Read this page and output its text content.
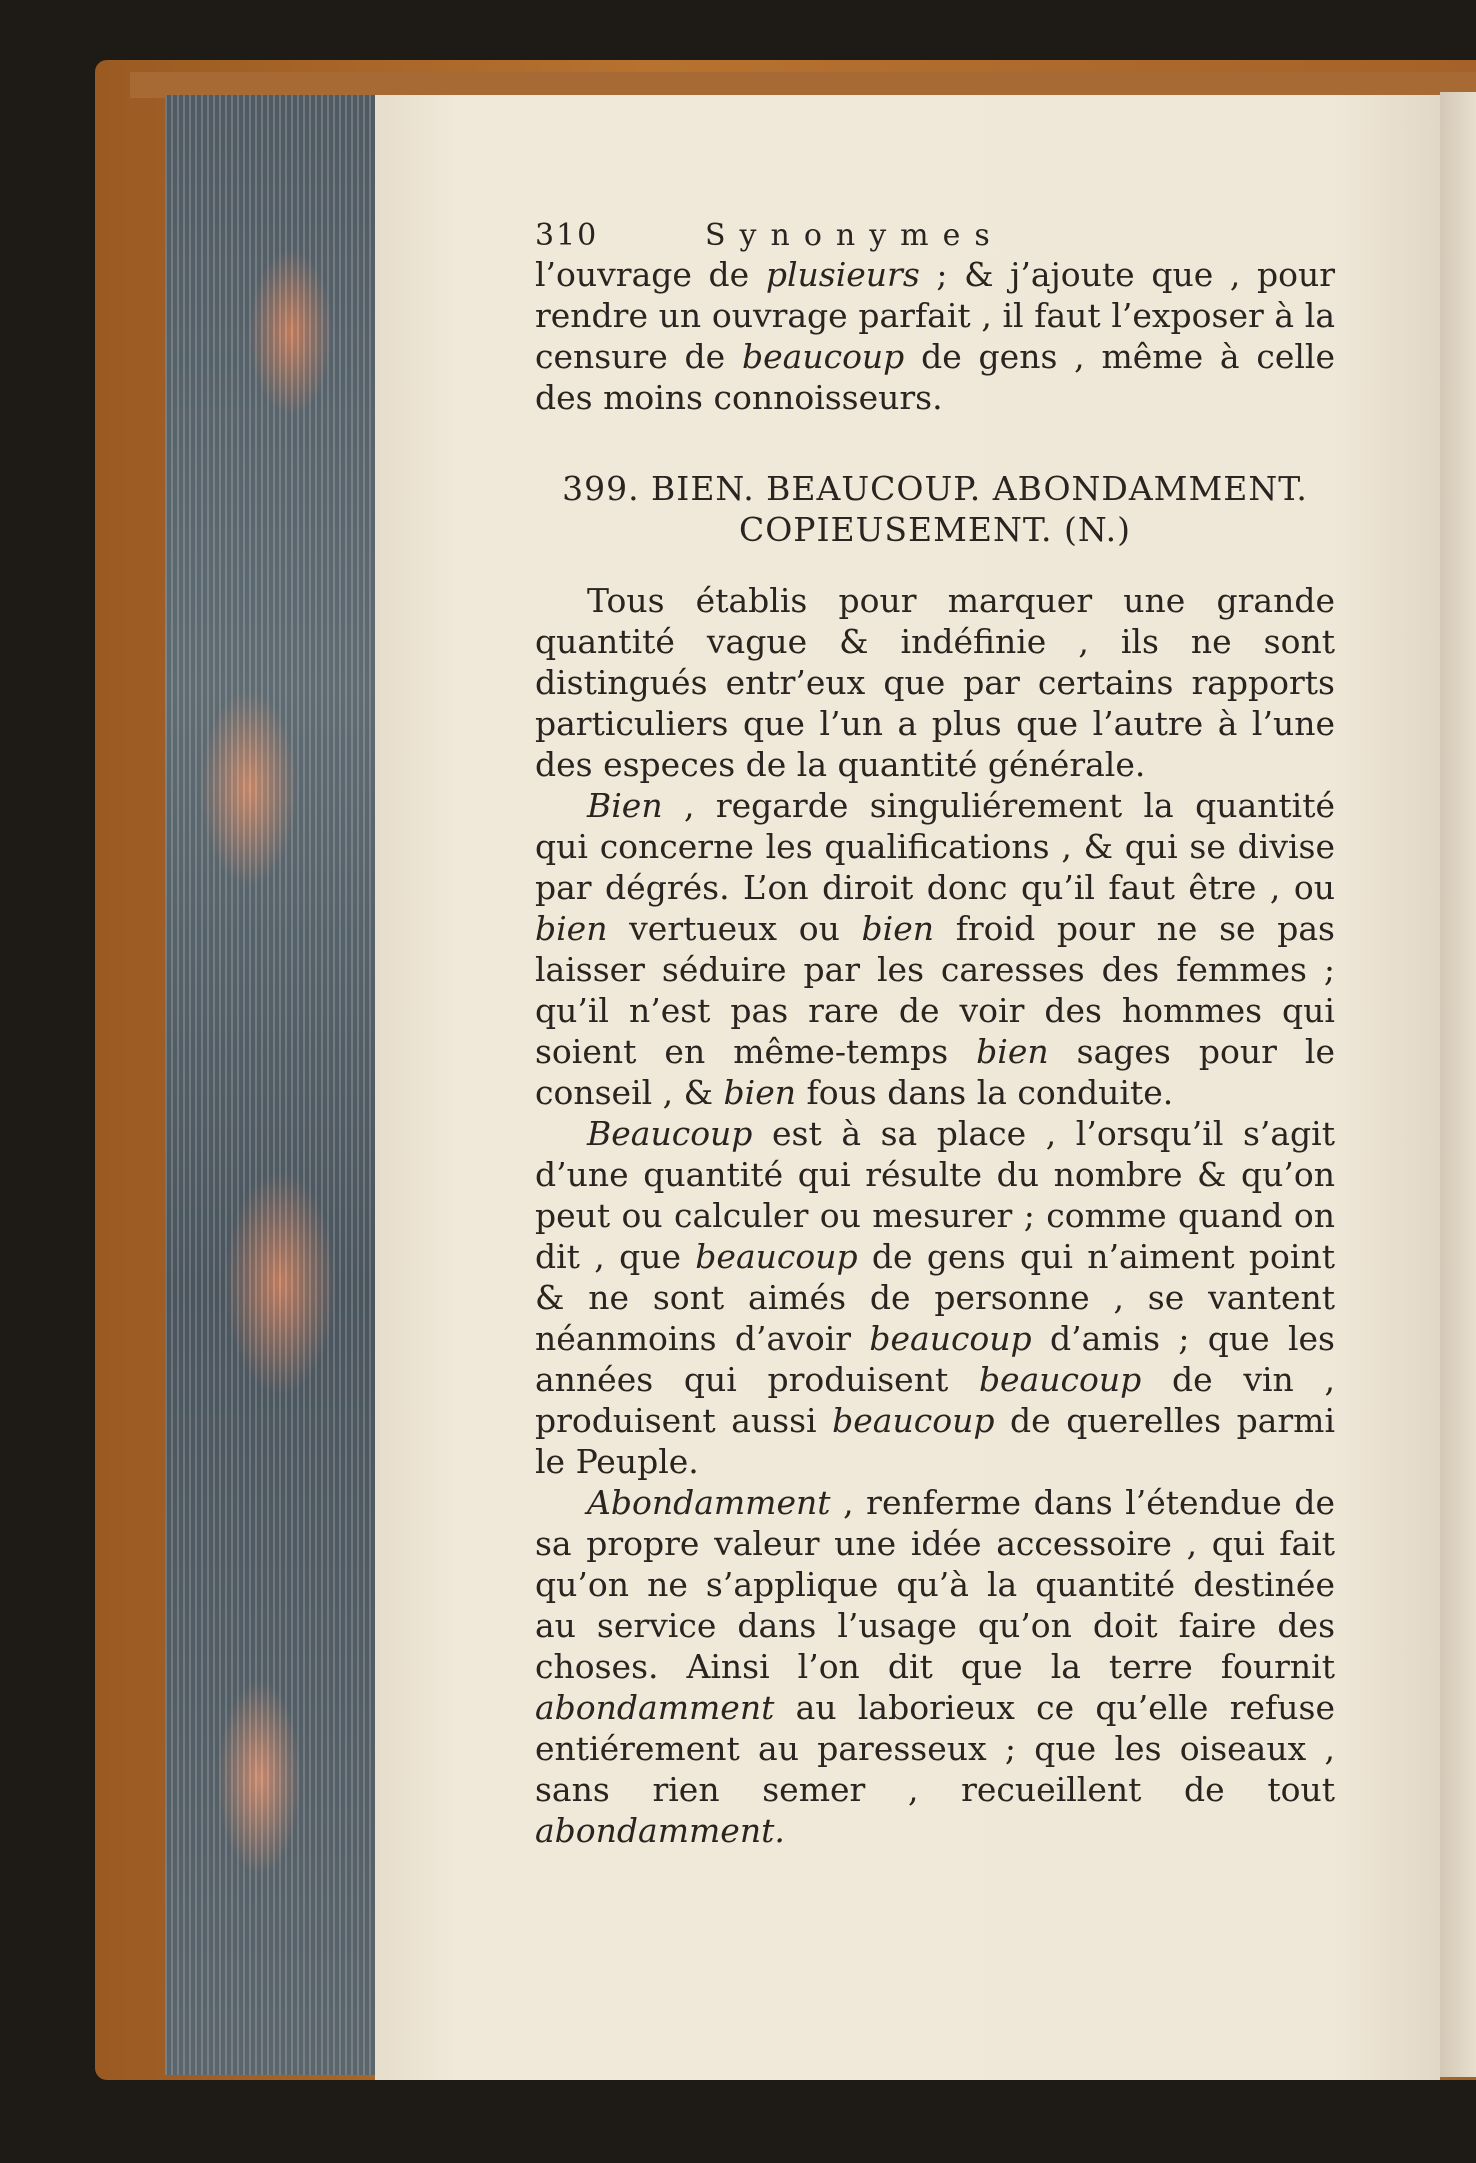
310	Synonymes

l’ouvrage de plusieurs ; & j’ajoute que , pour rendre un ouvrage parfait , il faut l’exposer à la censure de beaucoup de gens , même à celle des moins connoisseurs.

399. BIEN. BEAUCOUP. ABONDAMMENT.
COPIEUSEMENT. (N.)

Tous établis pour marquer une grande quantité vague & indéfinie , ils ne sont distingués entr’eux que par certains rapports particuliers que l’un a plus que l’autre à l’une des especes de la quantité générale.

Bien , regarde singuliérement la quantité qui concerne les qualifications , & qui se divise par dégrés. L’on diroit donc qu’il faut être , ou bien vertueux ou bien froid pour ne se pas laisser séduire par les caresses des femmes ; qu’il n’est pas rare de voir des hommes qui soient en même-temps bien sages pour le conseil , & bien fous dans la conduite.

Beaucoup est à sa place , l’orsqu’il s’agit d’une quantité qui résulte du nombre & qu’on peut ou calculer ou mesurer ; comme quand on dit , que beaucoup de gens qui n’aiment point & ne sont aimés de personne , se vantent néanmoins d’avoir beaucoup d’amis ; que les années qui produisent beaucoup de vin , produisent aussi beaucoup de querelles parmi le Peuple.

Abondamment , renferme dans l’étendue de sa propre valeur une idée accessoire , qui fait qu’on ne s’applique qu’à la quantité destinée au service dans l’usage qu’on doit faire des choses. Ainsi l’on dit que la terre fournit abondamment au laborieux ce qu’elle refuse entiérement au paresseux ; que les oiseaux , sans rien semer , recueillent de tout abondamment.
